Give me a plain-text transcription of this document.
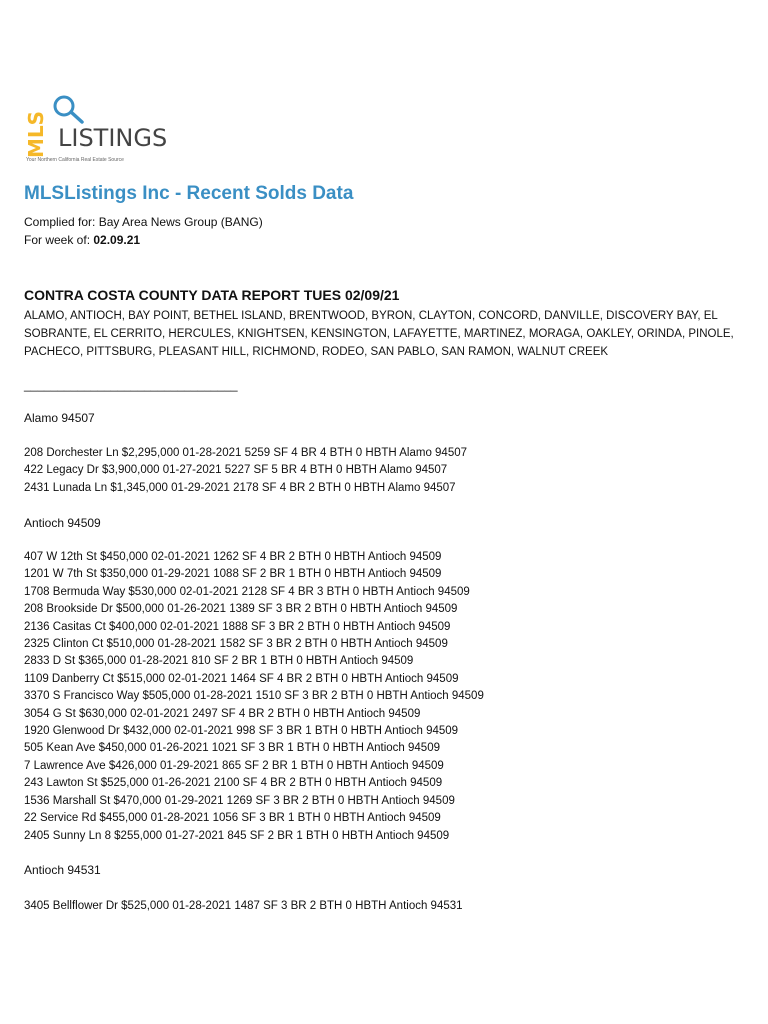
MLS LISTINGS
Your Northern California Real Estate Source
MLSListings Inc - Recent Solds Data
Complied for: Bay Area News Group (BANG)
For week of: 02.09.21
CONTRA COSTA COUNTY DATA REPORT TUES 02/09/21
ALAMO, ANTIOCH, BAY POINT, BETHEL ISLAND, BRENTWOOD, BYRON, CLAYTON, CONCORD, DANVILLE, DISCOVERY BAY, EL SOBRANTE, EL CERRITO, HERCULES, KNIGHTSEN, KENSINGTON, LAFAYETTE, MARTINEZ, MORAGA, OAKLEY, ORINDA, PINOLE, PACHECO, PITTSBURG, PLEASANT HILL, RICHMOND, RODEO, SAN PABLO, SAN RAMON, WALNUT CREEK
________________________________
Alamo 94507
208 Dorchester Ln $2,295,000 01-28-2021 5259 SF 4 BR 4 BTH 0 HBTH Alamo 94507
422 Legacy Dr $3,900,000 01-27-2021 5227 SF 5 BR 4 BTH 0 HBTH Alamo 94507
2431 Lunada Ln $1,345,000 01-29-2021 2178 SF 4 BR 2 BTH 0 HBTH Alamo 94507
Antioch 94509
407 W 12th St $450,000 02-01-2021 1262 SF 4 BR 2 BTH 0 HBTH Antioch 94509
1201 W 7th St $350,000 01-29-2021 1088 SF 2 BR 1 BTH 0 HBTH Antioch 94509
1708 Bermuda Way $530,000 02-01-2021 2128 SF 4 BR 3 BTH 0 HBTH Antioch 94509
208 Brookside Dr $500,000 01-26-2021 1389 SF 3 BR 2 BTH 0 HBTH Antioch 94509
2136 Casitas Ct $400,000 02-01-2021 1888 SF 3 BR 2 BTH 0 HBTH Antioch 94509
2325 Clinton Ct $510,000 01-28-2021 1582 SF 3 BR 2 BTH 0 HBTH Antioch 94509
2833 D St $365,000 01-28-2021 810 SF 2 BR 1 BTH 0 HBTH Antioch 94509
1109 Danberry Ct $515,000 02-01-2021 1464 SF 4 BR 2 BTH 0 HBTH Antioch 94509
3370 S Francisco Way $505,000 01-28-2021 1510 SF 3 BR 2 BTH 0 HBTH Antioch 94509
3054 G St $630,000 02-01-2021 2497 SF 4 BR 2 BTH 0 HBTH Antioch 94509
1920 Glenwood Dr $432,000 02-01-2021 998 SF 3 BR 1 BTH 0 HBTH Antioch 94509
505 Kean Ave $450,000 01-26-2021 1021 SF 3 BR 1 BTH 0 HBTH Antioch 94509
7 Lawrence Ave $426,000 01-29-2021 865 SF 2 BR 1 BTH 0 HBTH Antioch 94509
243 Lawton St $525,000 01-26-2021 2100 SF 4 BR 2 BTH 0 HBTH Antioch 94509
1536 Marshall St $470,000 01-29-2021 1269 SF 3 BR 2 BTH 0 HBTH Antioch 94509
22 Service Rd $455,000 01-28-2021 1056 SF 3 BR 1 BTH 0 HBTH Antioch 94509
2405 Sunny Ln 8 $255,000 01-27-2021 845 SF 2 BR 1 BTH 0 HBTH Antioch 94509
Antioch 94531
3405 Bellflower Dr $525,000 01-28-2021 1487 SF 3 BR 2 BTH 0 HBTH Antioch 94531
